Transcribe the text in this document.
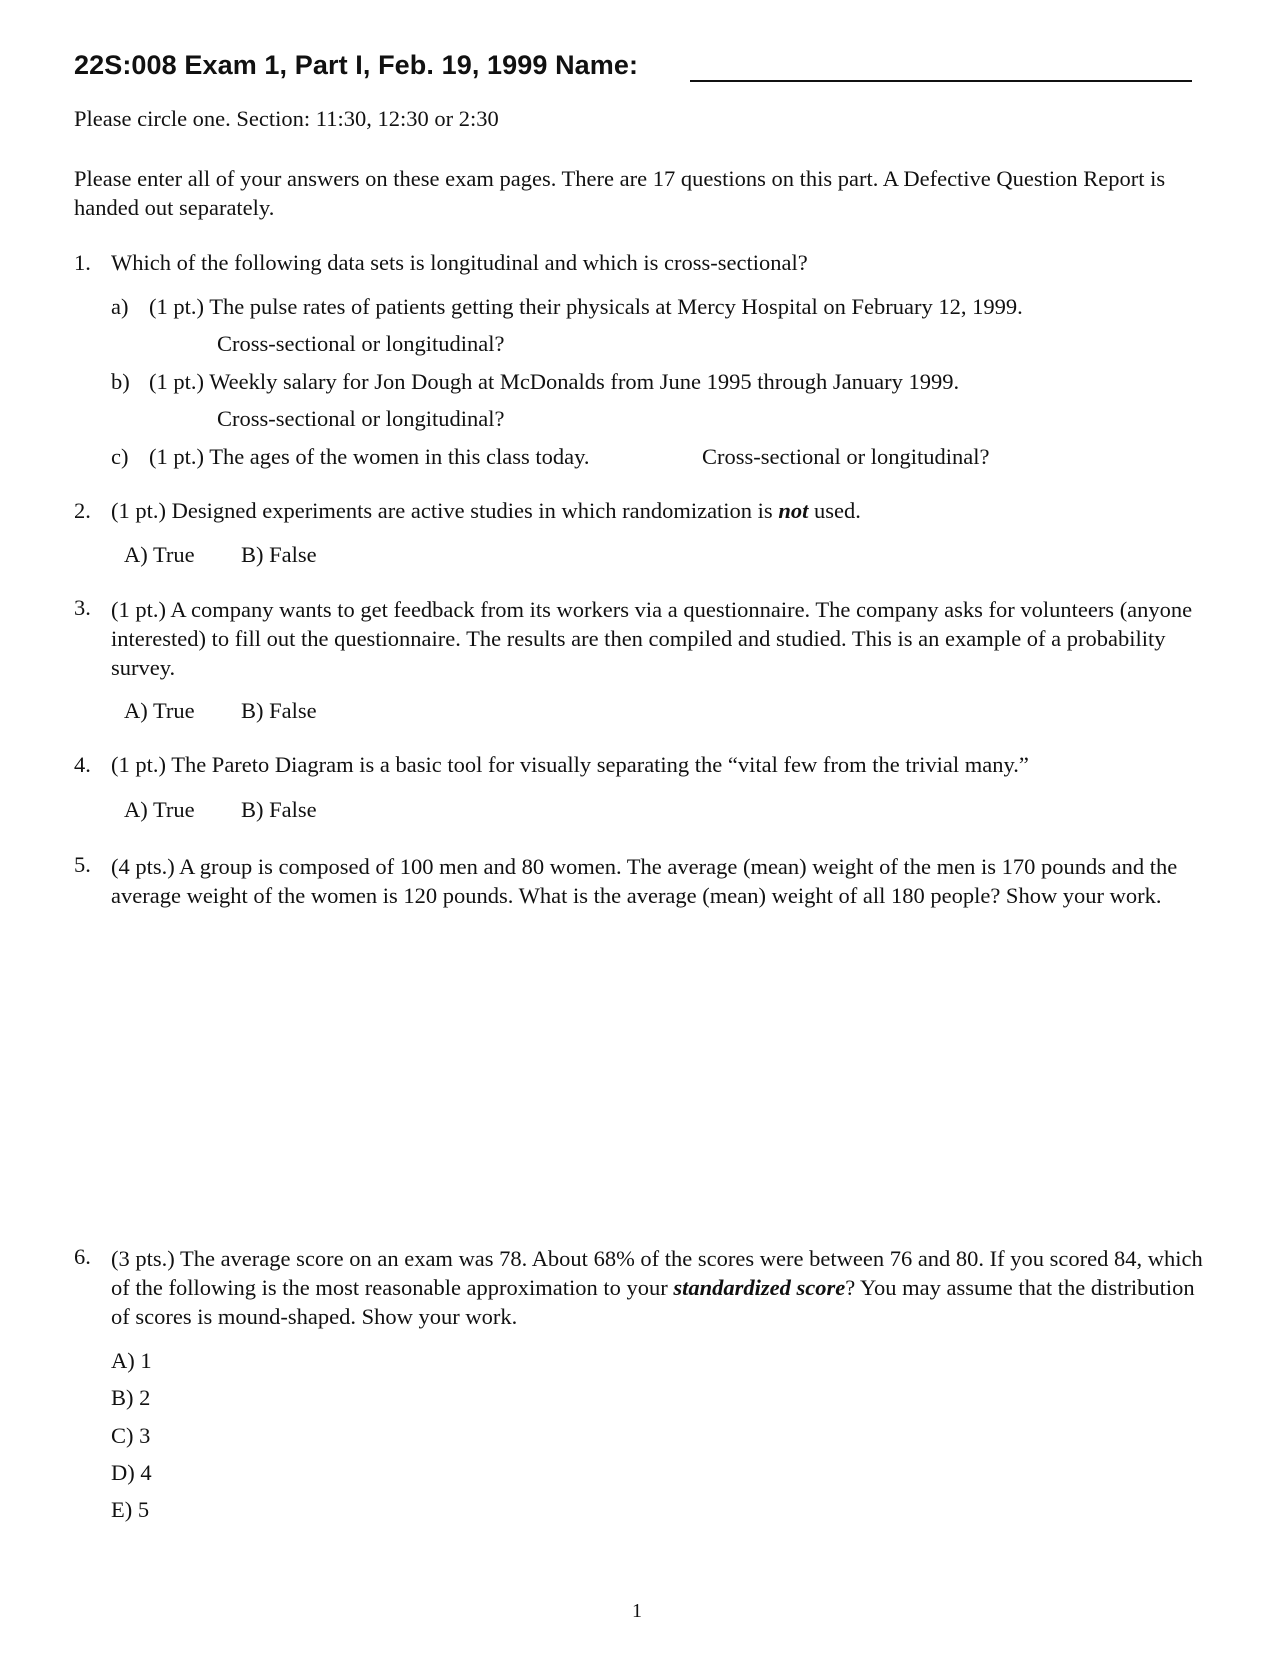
22S:008 Exam 1, Part I, Feb. 19, 1999 Name:
Please circle one. Section: 11:30, 12:30 or 2:30
Please enter all of your answers on these exam pages. There are 17 questions on this part. A Defective Question Report is handed out separately.
1. Which of the following data sets is longitudinal and which is cross-sectional?
a) (1 pt.) The pulse rates of patients getting their physicals at Mercy Hospital on February 12, 1999.
Cross-sectional or longitudinal?
b) (1 pt.) Weekly salary for Jon Dough at McDonalds from June 1995 through January 1999.
Cross-sectional or longitudinal?
c) (1 pt.) The ages of the women in this class today.	Cross-sectional or longitudinal?
2. (1 pt.) Designed experiments are active studies in which randomization is not used.
A) True B) False
3. (1 pt.) A company wants to get feedback from its workers via a questionnaire. The company asks for volunteers (anyone interested) to fill out the questionnaire. The results are then compiled and studied. This is an example of a probability survey.
A) True B) False
4. (1 pt.) The Pareto Diagram is a basic tool for visually separating the “vital few from the trivial many.”
A) True B) False
5. (4 pts.) A group is composed of 100 men and 80 women. The average (mean) weight of the men is 170 pounds and the average weight of the women is 120 pounds. What is the average (mean) weight of all 180 people? Show your work.
6. (3 pts.) The average score on an exam was 78. About 68% of the scores were between 76 and 80. If you scored 84, which of the following is the most reasonable approximation to your standardized score? You may assume that the distribution of scores is mound-shaped. Show your work.
A) 1
B) 2
C) 3
D) 4
E) 5
1
